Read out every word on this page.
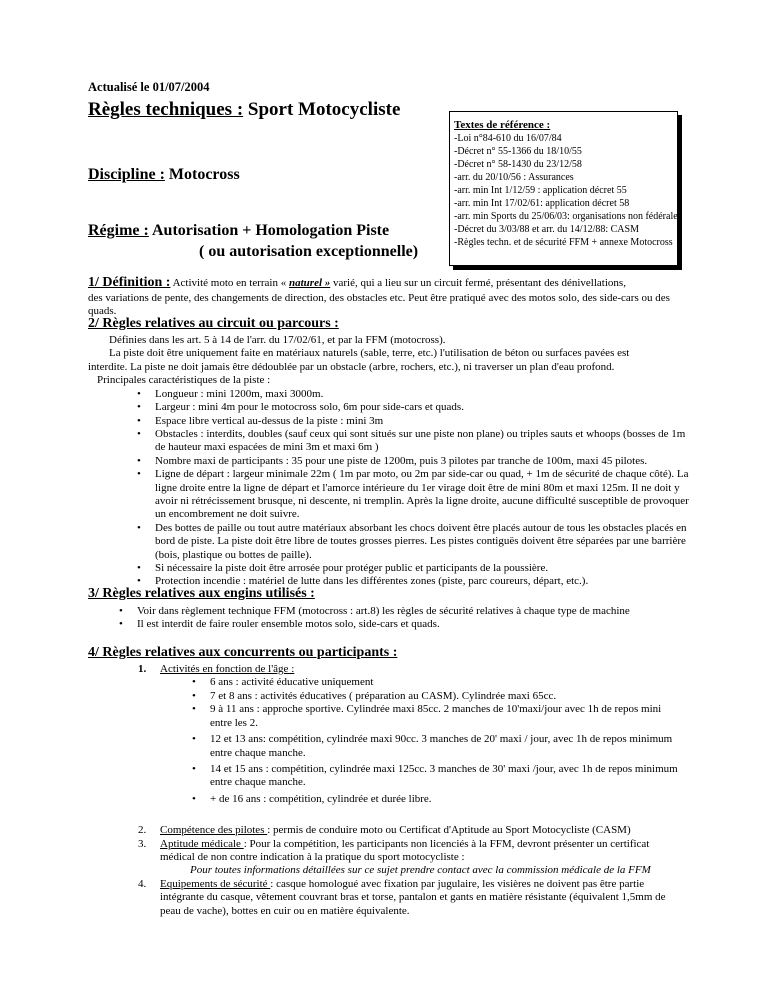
Actualisé le 01/07/2004
Règles techniques : Sport Motocycliste
Discipline : Motocross
Régime : Autorisation + Homologation Piste
( ou autorisation exceptionnelle)
Textes de référence :
-Loi n°84-610 du 16/07/84
-Décret n° 55-1366 du 18/10/55
-Décret n° 58-1430 du 23/12/58
-arr. du 20/10/56 : Assurances
-arr. min Int 1/12/59 : application décret 55
-arr. min Int 17/02/61: application décret 58
-arr. min Sports du 25/06/03: organisations non fédérales
-Décret du 3/03/88 et arr. du 14/12/88: CASM
-Règles techn. et de sécurité FFM + annexe Motocross
1/ Définition : Activité moto en terrain « naturel » varié, qui a lieu sur un circuit fermé, présentant des dénivellations,
des variations de pente, des changements de direction, des obstacles etc. Peut être pratiqué avec des motos solo, des side-cars ou des quads.
2/ Règles relatives au circuit ou parcours :

Définies dans les art. 5 à 14 de l'arr. du 17/02/61, et par la FFM (motocross).

La piste doit être uniquement faite en matériaux naturels (sable, terre, etc.) l'utilisation de béton ou surfaces pavées est

interdite. La piste ne doit jamais être dédoublée par un obstacle (arbre, rochers, etc.), ni traverser un plan d'eau profond.

Principales caractéristiques de la piste :

• Longueur : mini 1200m, maxi 3000m.
• Largeur : mini 4m pour le motocross solo, 6m pour side-cars et quads.
• Espace libre vertical au-dessus de la piste : mini 3m
• Obstacles : interdits, doubles (sauf ceux qui sont situés sur une piste non plane) ou triples sauts et whoops (bosses de 1m de hauteur maxi espacées de mini 3m et maxi 6m )
• Nombre maxi de participants : 35 pour une piste de 1200m, puis 3 pilotes par tranche de 100m, maxi 45 pilotes.
• Ligne de départ : largeur minimale 22m ( 1m par moto, ou 2m par side-car ou quad, + 1m de sécurité de chaque côté). La ligne droite entre la ligne de départ et l'amorce intérieure du 1er virage doit être de mini 80m et maxi 125m. Il ne doit y avoir ni rétrécissement brusque, ni descente, ni tremplin. Après la ligne droite, aucune difficulté susceptible de provoquer un encombrement ne doit suivre.
• Des bottes de paille ou tout autre matériaux absorbant les chocs doivent être placés autour de tous les obstacles placés en bord de piste. La piste doit être libre de toutes grosses pierres. Les pistes contiguës doivent être séparées par une barrière (bois, plastique ou bottes de paille).
• Si nécessaire la piste doit être arrosée pour protéger public et participants de la poussière.
• Protection incendie : matériel de lutte dans les différentes zones (piste, parc coureurs, départ, etc.).
3/ Règles relatives aux engins utilisés :
• Voir dans règlement technique FFM (motocross : art.8) les règles de sécurité relatives à chaque type de machine
• Il est interdit de faire rouler ensemble motos solo, side-cars et quads.
4/ Règles relatives aux concurrents ou participants :
1. Activités en fonction de l'âge :
• 6 ans : activité éducative uniquement
• 7 et 8 ans : activités éducatives ( préparation au CASM). Cylindrée maxi 65cc.
• 9 à 11 ans : approche sportive. Cylindrée maxi 85cc. 2 manches de 10'maxi/jour avec 1h de repos mini entre les 2.
• 12 et 13 ans: compétition, cylindrée maxi 90cc. 3 manches de 20' maxi / jour, avec 1h de repos minimum entre chaque manche.
• 14 et 15 ans : compétition, cylindrée maxi 125cc. 3 manches de 30' maxi /jour, avec 1h de repos minimum entre chaque manche.
• + de 16 ans : compétition, cylindrée et durée libre.
2. Compétence des pilotes : permis de conduire moto ou Certificat d'Aptitude au Sport Motocycliste (CASM)
3. Aptitude médicale : Pour la compétition, les participants non licenciés à la FFM, devront présenter un certificat médical de non contre indication à la pratique du sport motocycliste :
Pour toutes informations détaillées sur ce sujet prendre contact avec la commission médicale de la FFM
4. Equipements de sécurité : casque homologué avec fixation par jugulaire, les visières ne doivent pas être partie intégrante du casque, vêtement couvrant bras et torse, pantalon et gants en matière résistante (équivalent 1,5mm de peau de vache), bottes en cuir ou en matière équivalente.
